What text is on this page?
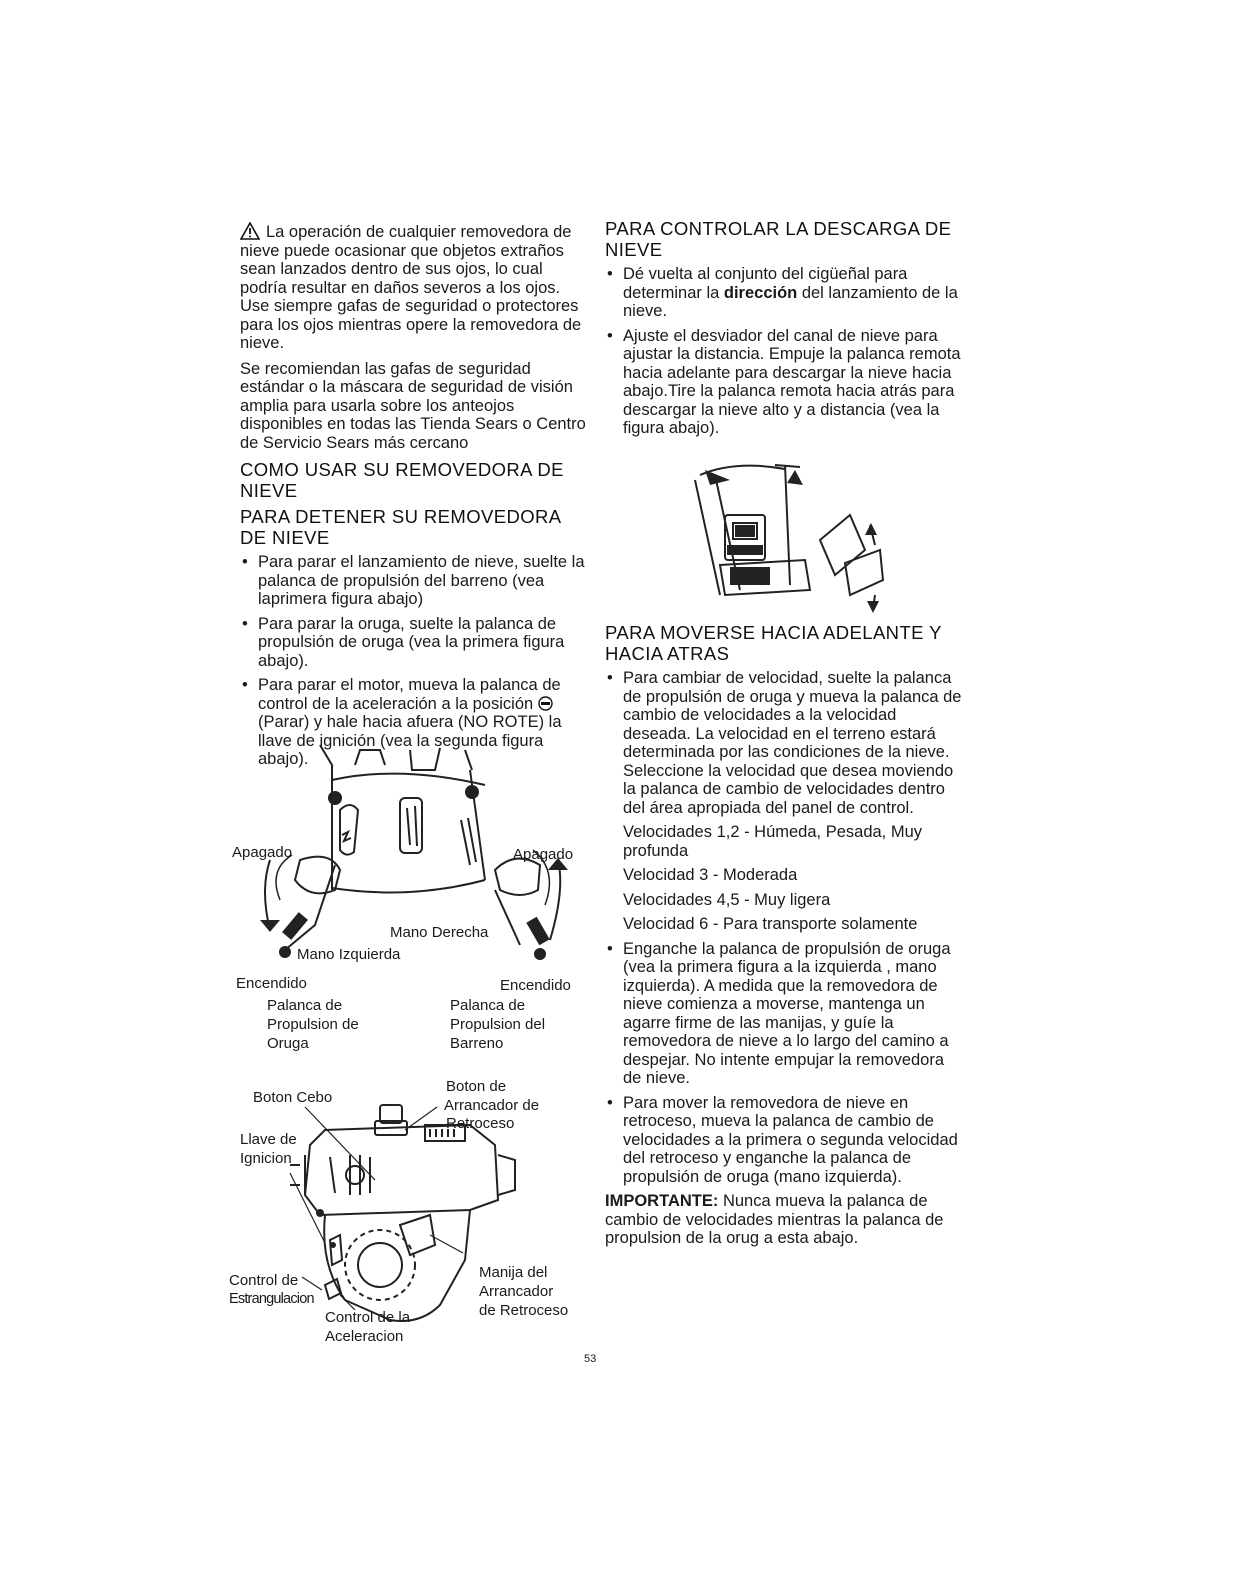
La operación de cualquier removedora de nieve puede ocasionar que objetos extraños sean lanzados dentro de sus ojos, lo cual podría resultar en daños severos a los ojos. Use siempre gafas de seguridad o protectores para los ojos mientras opere la removedora de nieve.

Se recomiendan las gafas de seguridad estándar o la máscara de seguridad de visión amplia para usarla sobre los anteojos disponibles en todas las Tienda Sears o Centro de Servicio Sears más cercano

COMO USAR SU REMOVEDORA DE NIEVE
PARA DETENER SU REMOVEDORA DE NIEVE
• Para parar el lanzamiento de nieve, suelte la palanca de propulsión del barreno (vea laprimera figura abajo)
• Para parar la oruga, suelte la palanca de propulsión de oruga (vea la primera figura abajo).
• Para parar el motor, mueva la palanca de control de la aceleración a la posición  (Parar) y hale hacia afuera (NO ROTE) la llave de ignición (vea la segunda figura abajo).
Apagado	Apagado
Mano Derecha
Mano Izquierda
Encendido	Encendido
Palanca de
Propulsion de
Oruga
Palanca de
Propulsion del
Barreno
Boton Cebo
Boton de
Arrancador de
Retroceso
Llave de
Ignicion
Control de
Estrangulacion
Control de la
Aceleracion
Manija del
Arrancador
de Retroceso
PARA CONTROLAR LA DESCARGA DE NIEVE
• Dé vuelta al conjunto del cigüeñal para determinar la dirección del lanzamiento de la nieve.
• Ajuste el desviador del canal de nieve para ajustar la distancia. Empuje la palanca remota hacia adelante para descargar la nieve hacia abajo.Tire la palanca remota hacia atrás para descargar la nieve alto y a distancia (vea la figura abajo).
PARA MOVERSE HACIA ADELANTE Y HACIA ATRAS
• Para cambiar de velocidad, suelte la palanca de propulsión de oruga y mueva la palanca de cambio de velocidades a la velocidad deseada. La velocidad en el terreno estará determinada por las condiciones de la nieve. Seleccione la velocidad que desea moviendo la palanca de cambio de velocidades dentro del área apropiada del panel de control.
Velocidades 1,2 - Húmeda, Pesada, Muy profunda
Velocidad 3 - Moderada
Velocidades 4,5 - Muy ligera
Velocidad 6 - Para transporte solamente
• Enganche la palanca de propulsión de oruga (vea la primera figura a la izquierda , mano izquierda). A medida que la removedora de nieve comienza a moverse, mantenga un agarre firme de las manijas, y guíe la removedora de nieve a lo largo del camino a despejar. No intente empujar la removedora de nieve.
• Para mover la removedora de nieve en retroceso, mueva la palanca de cambio de velocidades a la primera o segunda velocidad del retroceso y enganche la palanca de propulsión de oruga (mano izquierda).

IMPORTANTE: Nunca mueva la palanca de cambio de velocidades mientras la palanca de propulsion de la orug a esta abajo.

53
